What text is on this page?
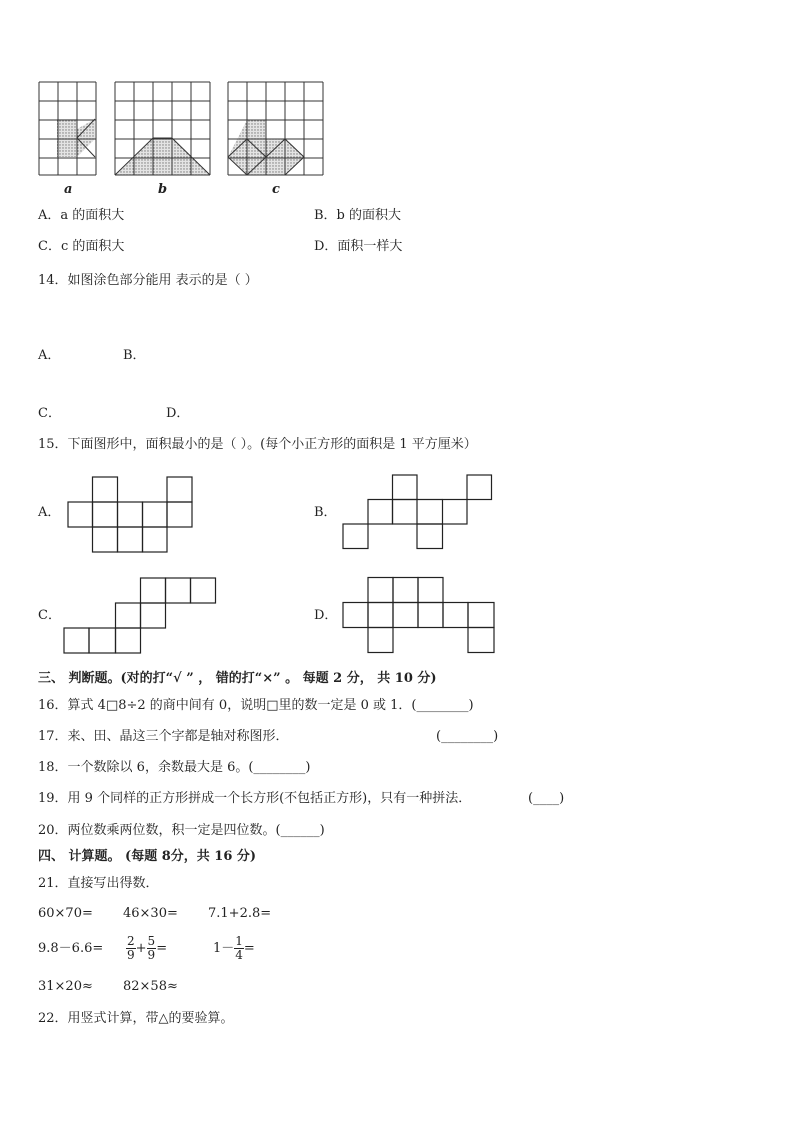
a	b	c
A．a 的面积大	B．b 的面积大
C．c 的面积大	D．面积一样大
14．如图涂色部分能用 表示的是（ ）
A．	B．
C．	D．
15．下面图形中，面积最小的是（ ）。(每个小正方形的面积是 1 平方厘米）
A．	B．
C．	D．
三、 判断题。(对的打“√ ” ， 错的打“×” 。 每题 2 分， 共 10 分)
16．算式 4□8÷2 的商中间有 0，说明□里的数一定是 0 或 1．(________)
17．来、田、晶这三个字都是轴对称图形．	(________)
18．一个数除以 6，余数最大是 6。(________)
19．用 9 个同样的正方形拼成一个长方形(不包括正方形)，只有一种拼法．	(____)
20．两位数乘两位数，积一定是四位数。(______)
四、 计算题。 (每题 8分，共 16 分)
21．直接写出得数．
60×70= 46×30= 7.1+2.8=
$9.8-6.6= \frac{2}{9} + \frac{5}{9}$ =	$1- \frac{1}{4}$ =
31×20≈ 82×58≈
22．用竖式计算，带△的要验算。
